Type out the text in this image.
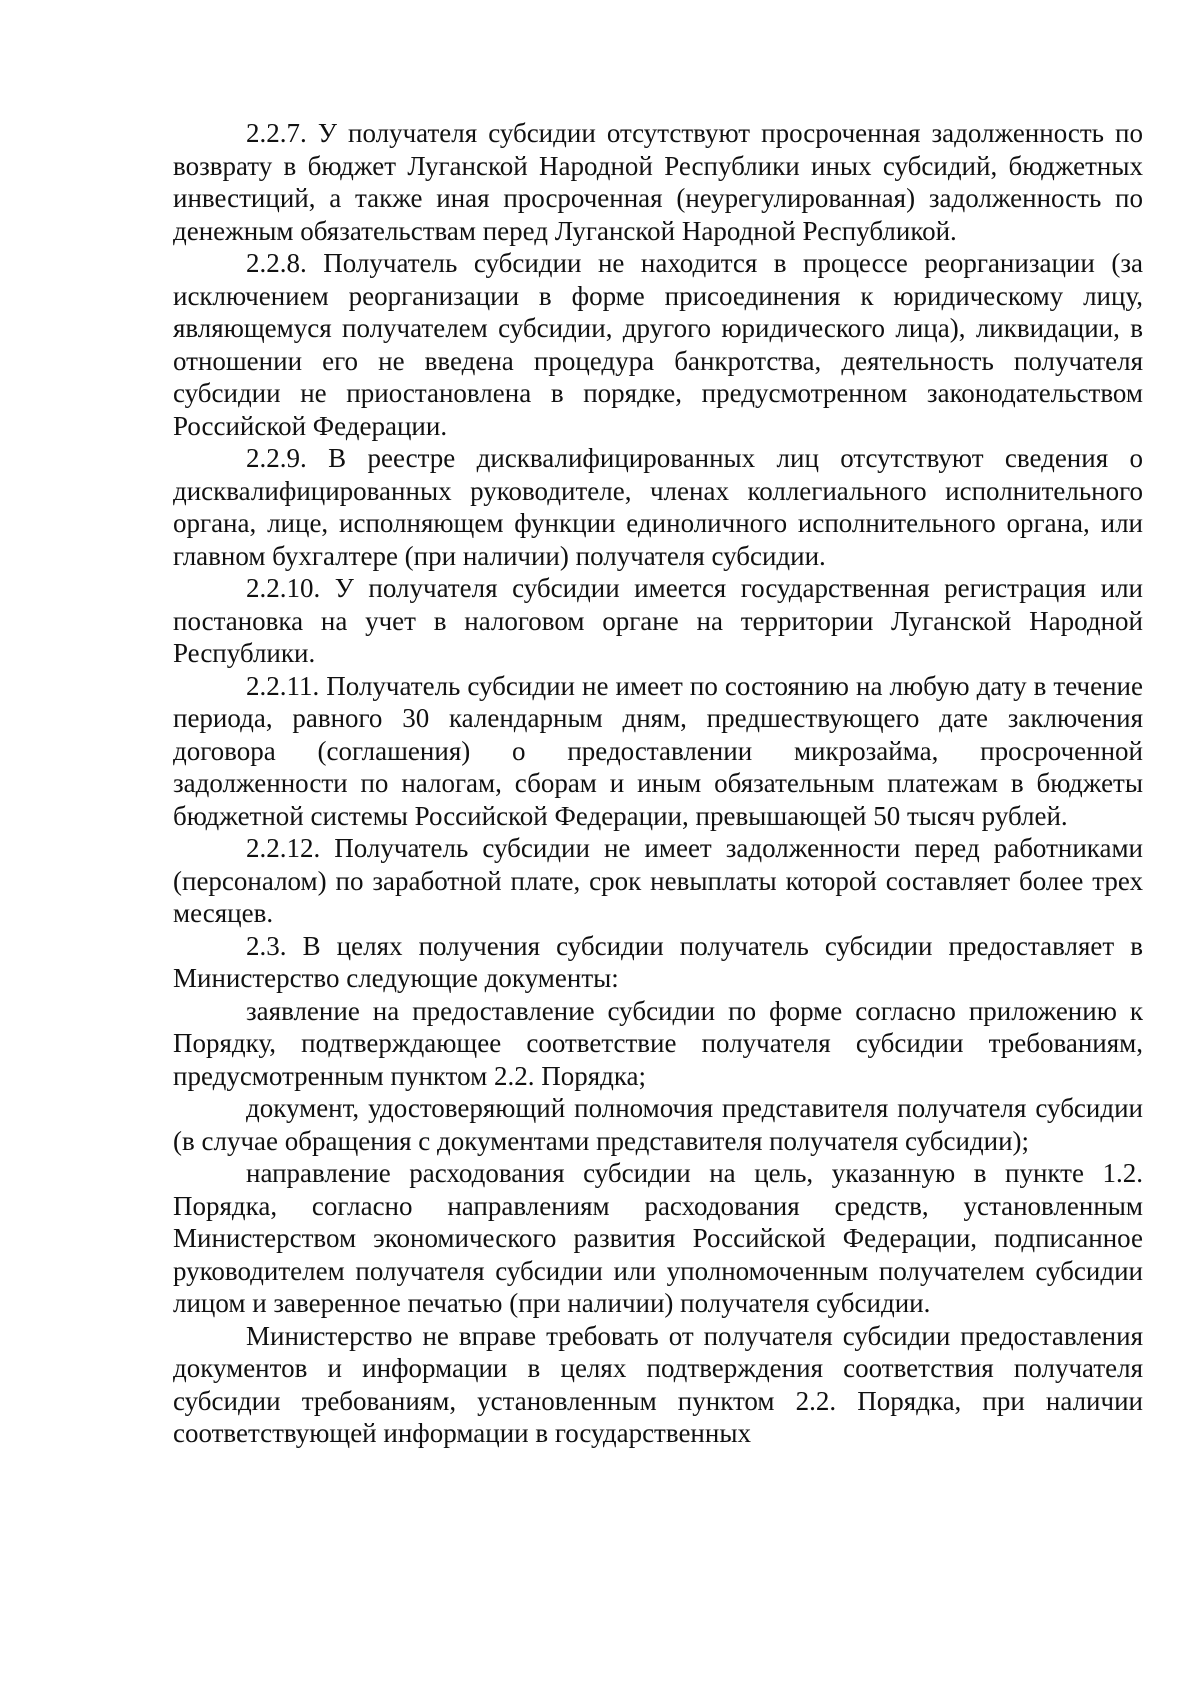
2.2.7. У получателя субсидии отсутствуют просроченная задолженность по возврату в бюджет Луганской Народной Республики иных субсидий, бюджетных инвестиций, а также иная просроченная (неурегулированная) задолженность по денежным обязательствам перед Луганской Народной Республикой.

2.2.8. Получатель субсидии не находится в процессе реорганизации (за исключением реорганизации в форме присоединения к юридическому лицу, являющемуся получателем субсидии, другого юридического лица), ликвидации, в отношении его не введена процедура банкротства, деятельность получателя субсидии не приостановлена в порядке, предусмотренном законодательством Российской Федерации.

2.2.9. В реестре дисквалифицированных лиц отсутствуют сведения о дисквалифицированных руководителе, членах коллегиального исполнительного органа, лице, исполняющем функции единоличного исполнительного органа, или главном бухгалтере (при наличии) получателя субсидии.

2.2.10. У получателя субсидии имеется государственная регистрация или постановка на учет в налоговом органе на территории Луганской Народной Республики.

2.2.11. Получатель субсидии не имеет по состоянию на любую дату в течение периода, равного 30 календарным дням, предшествующего дате заключения договора (соглашения) о предоставлении микрозайма, просроченной задолженности по налогам, сборам и иным обязательным платежам в бюджеты бюджетной системы Российской Федерации, превышающей 50 тысяч рублей.

2.2.12. Получатель субсидии не имеет задолженности перед работниками (персоналом) по заработной плате, срок невыплаты которой составляет более трех месяцев.

2.3. В целях получения субсидии получатель субсидии предоставляет в Министерство следующие документы:

заявление на предоставление субсидии по форме согласно приложению к Порядку, подтверждающее соответствие получателя субсидии требованиям, предусмотренным пунктом 2.2. Порядка;

документ, удостоверяющий полномочия представителя получателя субсидии (в случае обращения с документами представителя получателя субсидии);

направление расходования субсидии на цель, указанную в пункте 1.2. Порядка, согласно направлениям расходования средств, установленным Министерством экономического развития Российской Федерации, подписанное руководителем получателя субсидии или уполномоченным получателем субсидии лицом и заверенное печатью (при наличии) получателя субсидии.

Министерство не вправе требовать от получателя субсидии предоставления документов и информации в целях подтверждения соответствия получателя субсидии требованиям, установленным пунктом 2.2. Порядка, при наличии соответствующей информации в государственных
